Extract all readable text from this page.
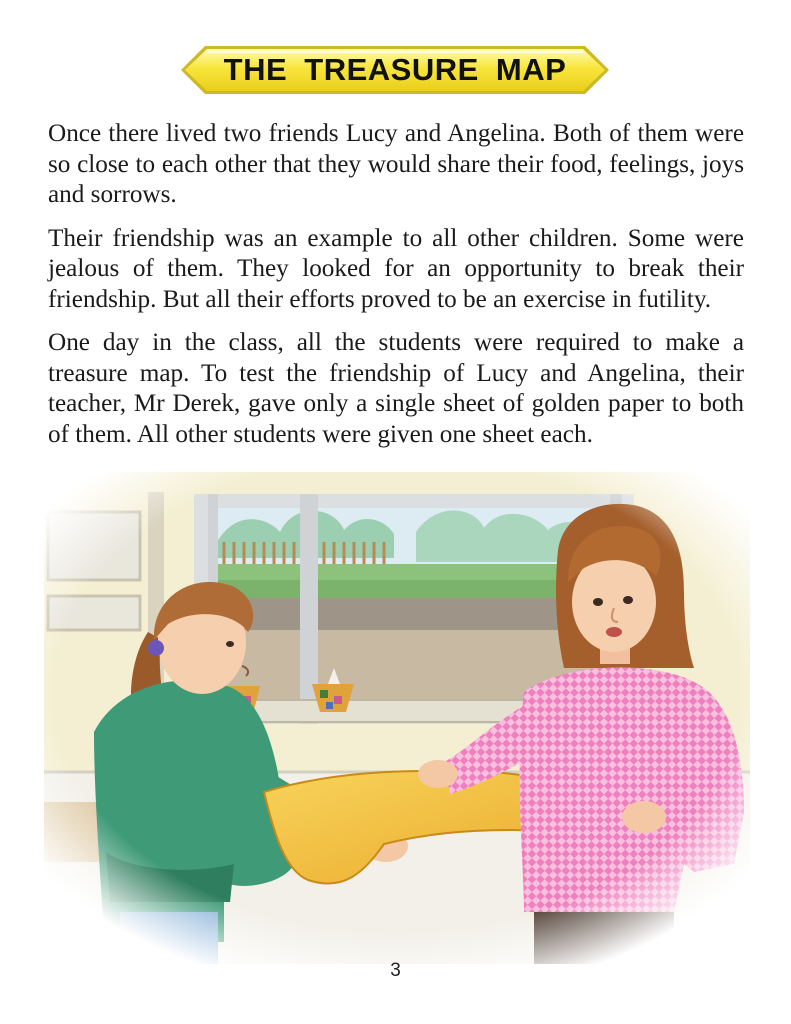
THE TREASURE MAP

Once there lived two friends Lucy and Angelina. Both of them were so close to each other that they would share their food, feelings, joys and sorrows.

Their friendship was an example to all other children. Some were jealous of them. They looked for an opportunity to break their friendship. But all their efforts proved to be an exercise in futility.

One day in the class, all the students were required to make a treasure map. To test the friendship of Lucy and Angelina, their teacher, Mr Derek, gave only a single sheet of golden paper to both of them. All other students were given one sheet each.

3
